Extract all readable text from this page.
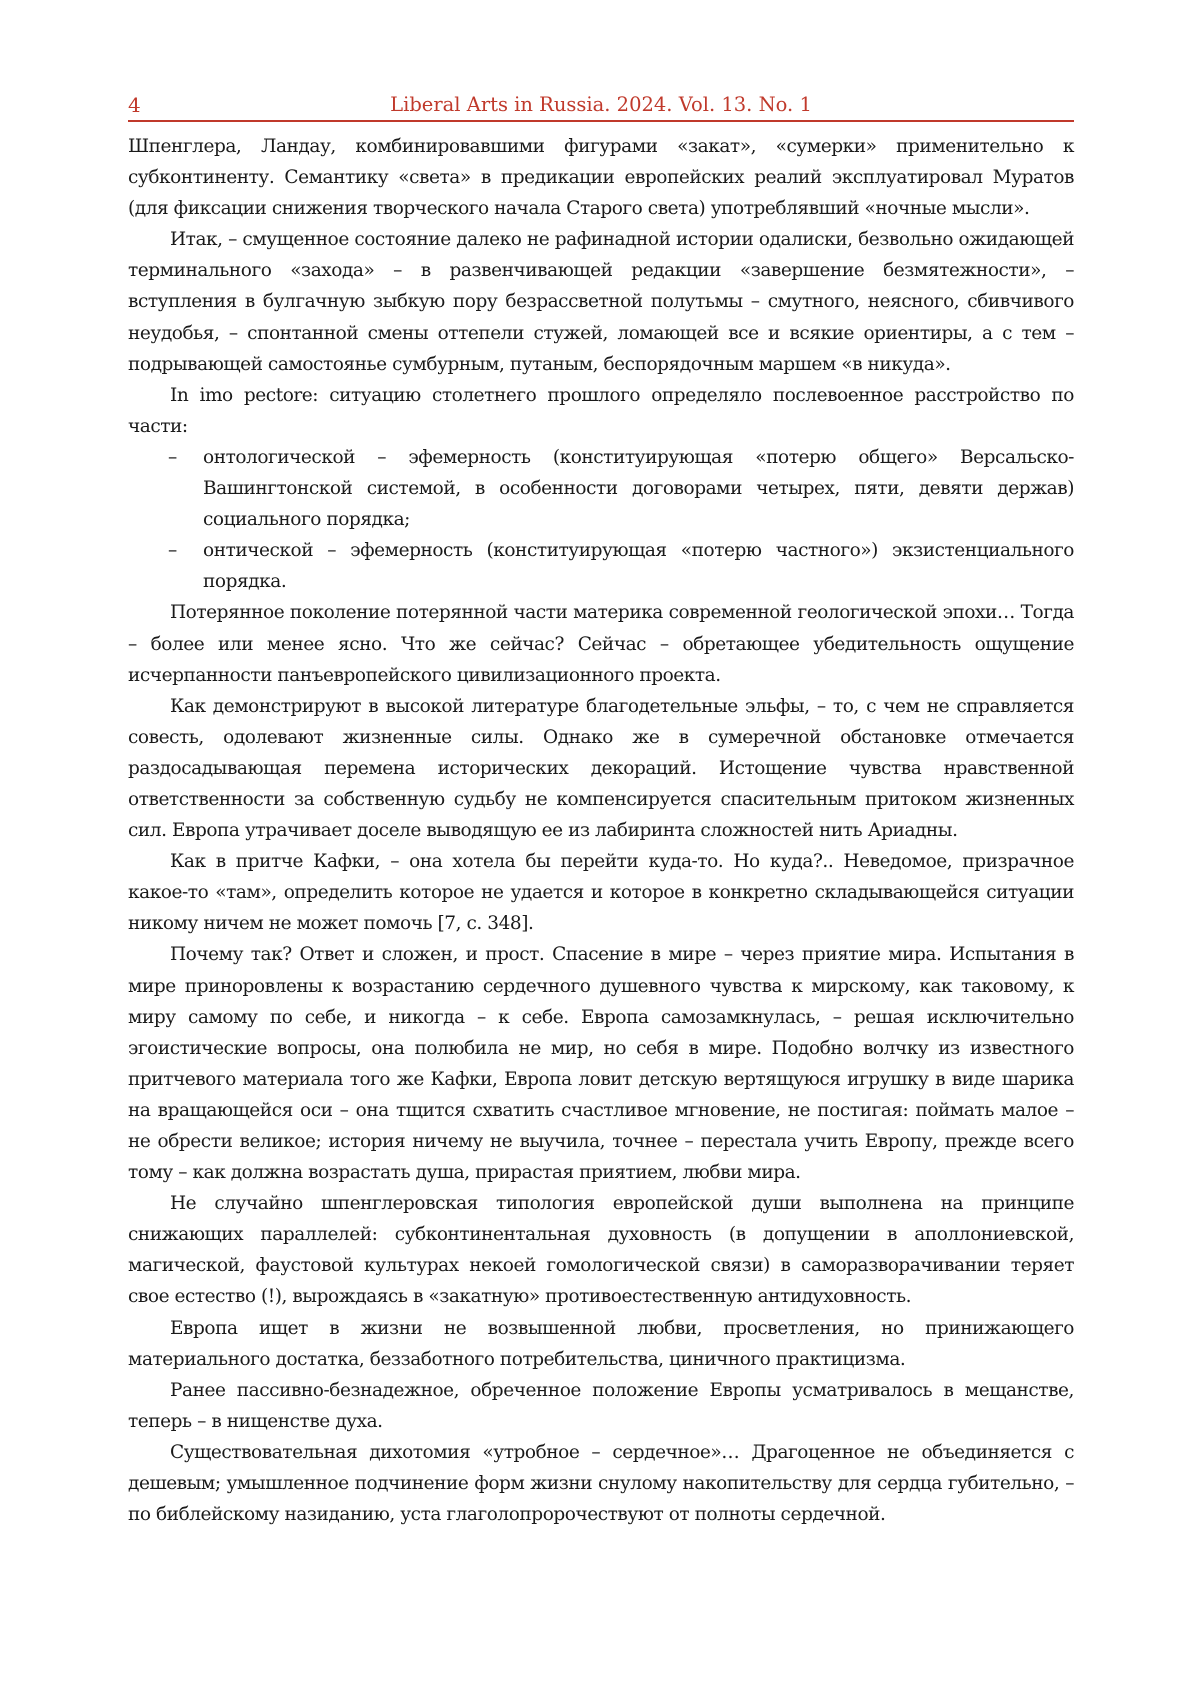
4	Liberal Arts in Russia. 2024. Vol. 13. No. 1

Шпенглера, Ландау, комбинировавшими фигурами «закат», «сумерки» применительно к субконтиненту. Семантику «света» в предикации европейских реалий эксплуатировал Муратов (для фиксации снижения творческого начала Старого света) употреблявший «ночные мысли».

Итак, – смущенное состояние далеко не рафинадной истории одалиски, безвольно ожидающей терминального «захода» – в развенчивающей редакции «завершение безмятежности», – вступления в булгачную зыбкую пору безрассветной полутьмы – смутного, неясного, сбивчивого неудобья, – спонтанной смены оттепели стужей, ломающей все и всякие ориентиры, а с тем – подрывающей самостоянье сумбурным, путаным, беспорядочным маршем «в никуда».

In imo pectore: ситуацию столетнего прошлого определяло послевоенное расстройство по части:

– онтологической – эфемерность (конституирующая «потерю общего» Версальско-Вашингтонской системой, в особенности договорами четырех, пяти, девяти держав) социального порядка;
– онтической – эфемерность (конституирующая «потерю частного») экзистенциального порядка.

Потерянное поколение потерянной части материка современной геологической эпохи… Тогда – более или менее ясно. Что же сейчас? Сейчас – обретающее убедительность ощущение исчерпанности панъевропейского цивилизационного проекта.

Как демонстрируют в высокой литературе благодетельные эльфы, – то, с чем не справляется совесть, одолевают жизненные силы. Однако же в сумеречной обстановке отмечается раздосадывающая перемена исторических декораций. Истощение чувства нравственной ответственности за собственную судьбу не компенсируется спасительным притоком жизненных сил. Европа утрачивает доселе выводящую ее из лабиринта сложностей нить Ариадны.

Как в притче Кафки, – она хотела бы перейти куда-то. Но куда?.. Неведомое, призрачное какое-то «там», определить которое не удается и которое в конкретно складывающейся ситуации никому ничем не может помочь [7, с. 348].

Почему так? Ответ и сложен, и прост. Спасение в мире – через приятие мира. Испытания в мире приноровлены к возрастанию сердечного душевного чувства к мирскому, как таковому, к миру самому по себе, и никогда – к себе. Европа самозамкнулась, – решая исключительно эгоистические вопросы, она полюбила не мир, но себя в мире. Подобно волчку из известного притчевого материала того же Кафки, Европа ловит детскую вертящуюся игрушку в виде шарика на вращающейся оси – она тщится схватить счастливое мгновение, не постигая: поймать малое – не обрести великое; история ничему не выучила, точнее – перестала учить Европу, прежде всего тому – как должна возрастать душа, прирастая приятием, любви мира.

Не случайно шпенглеровская типология европейской души выполнена на принципе снижающих параллелей: субконтинентальная духовность (в допущении в аполлониевской, магической, фаустовой культурах некоей гомологической связи) в саморазворачивании теряет свое естество (!), вырождаясь в «закатную» противоестественную антидуховность.

Европа ищет в жизни не возвышенной любви, просветления, но принижающего материального достатка, беззаботного потребительства, циничного практицизма.

Ранее пассивно-безнадежное, обреченное положение Европы усматривалось в мещанстве, теперь – в нищенстве духа.

Существовательная дихотомия «утробное – сердечное»… Драгоценное не объединяется с дешевым; умышленное подчинение форм жизни снулому накопительству для сердца губительно, – по библейскому назиданию, уста глаголопророчествуют от полноты сердечной.
